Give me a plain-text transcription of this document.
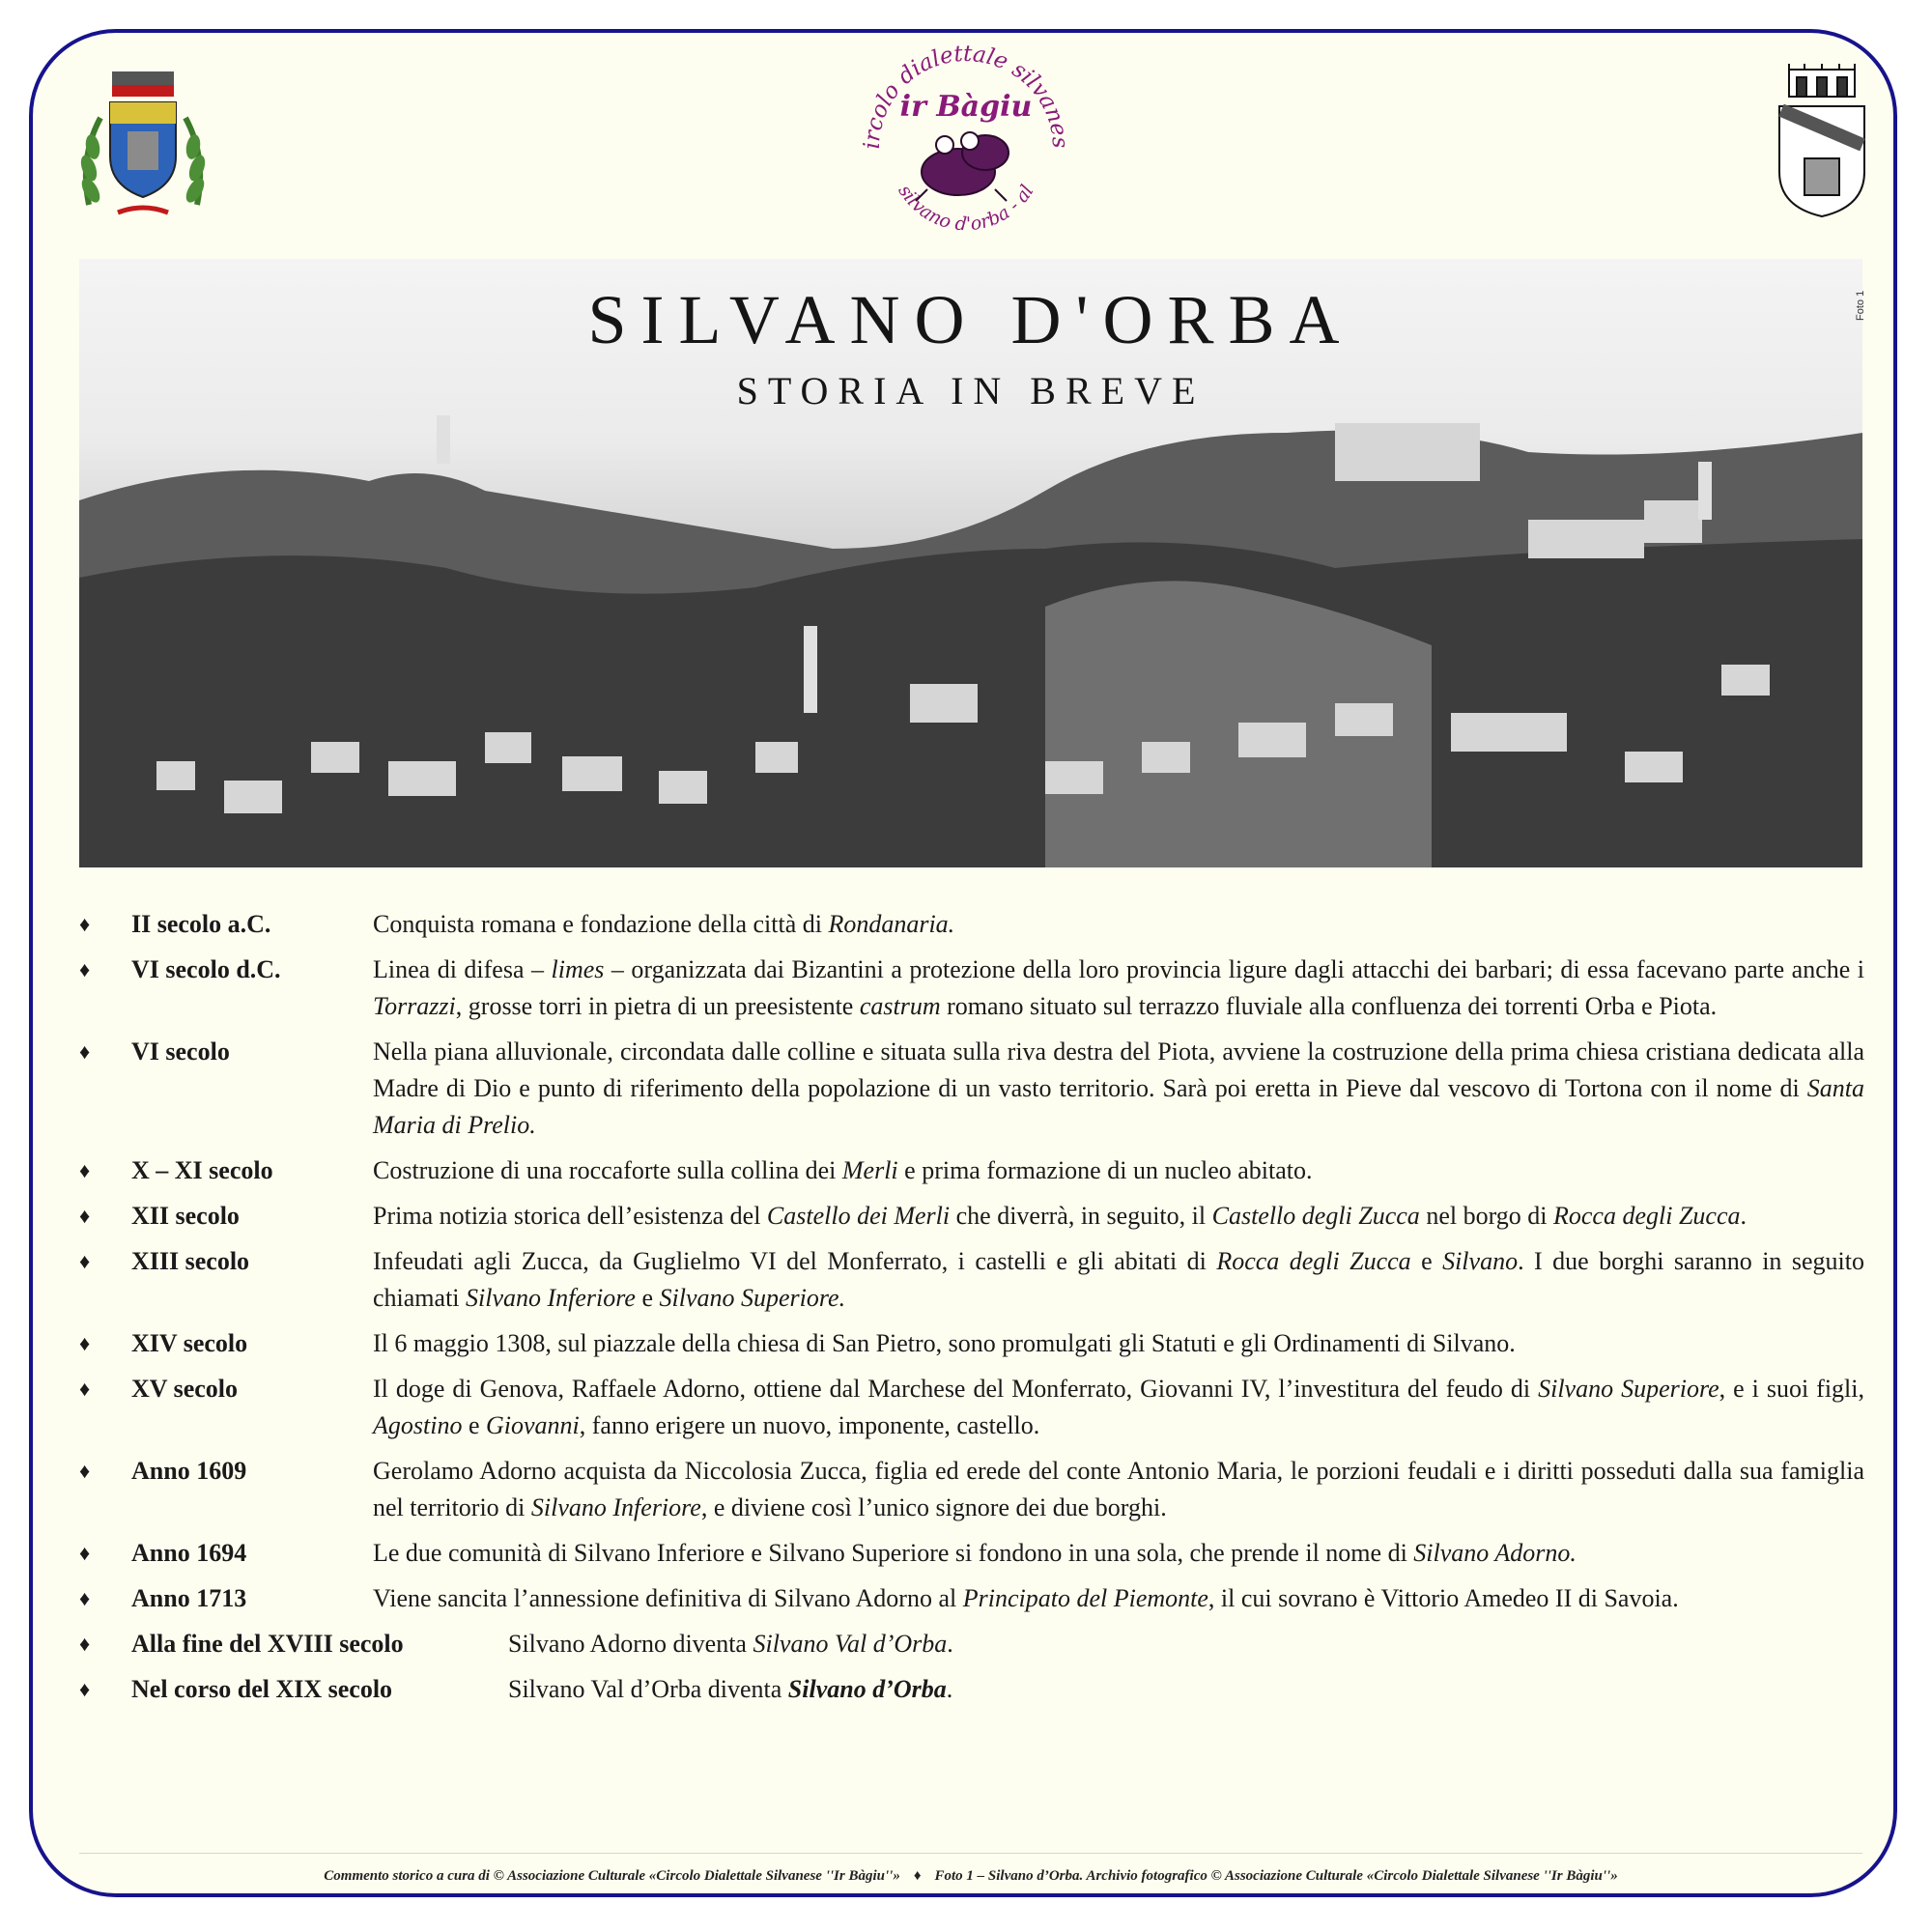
ircolo dialettale silvanes
silvano d'orba - al
ir Bàgiu
SILVANO D'ORBA
STORIA IN BREVE
Foto 1
♦	II secolo a.C.	Conquista romana e fondazione della città di Rondanaria.
♦	VI secolo d.C.	Linea di difesa – limes – organizzata dai Bizantini a protezione della loro provincia ligure dagli attacchi dei barbari; di essa facevano parte anche i Torrazzi, grosse torri in pietra di un preesistente castrum romano situato sul terrazzo fluviale alla confluenza dei torrenti Orba e Piota.
♦	VI secolo	Nella piana alluvionale, circondata dalle colline e situata sulla riva destra del Piota, avviene la costruzione della prima chiesa cristiana dedicata alla Madre di Dio e punto di riferimento della popolazione di un vasto territorio. Sarà poi eretta in Pieve dal vescovo di Tortona con il nome di Santa Maria di Prelio.
♦	X – XI secolo	Costruzione di una roccaforte sulla collina dei Merli e prima formazione di un nucleo abitato.
♦	XII secolo	Prima notizia storica dell’esistenza del Castello dei Merli che diverrà, in seguito, il Castello degli Zucca nel borgo di Rocca degli Zucca.
♦	XIII secolo	Infeudati agli Zucca, da Guglielmo VI del Monferrato, i castelli e gli abitati di Rocca degli Zucca e Silvano. I due borghi saranno in seguito chiamati Silvano Inferiore e Silvano Superiore.
♦	XIV secolo	Il 6 maggio 1308, sul piazzale della chiesa di San Pietro, sono promulgati gli Statuti e gli Ordinamenti di Silvano.
♦	XV secolo	Il doge di Genova, Raffaele Adorno, ottiene dal Marchese del Monferrato, Giovanni IV, l’investitura del feudo di Silvano Superiore, e i suoi figli, Agostino e Giovanni, fanno erigere un nuovo, imponente, castello.
♦	Anno 1609	Gerolamo Adorno acquista da Niccolosia Zucca, figlia ed erede del conte Antonio Maria, le porzioni feudali e i diritti posseduti dalla sua famiglia nel territorio di Silvano Inferiore, e diviene così l’unico signore dei due borghi.
♦	Anno 1694	Le due comunità di Silvano Inferiore e Silvano Superiore si fondono in una sola, che prende il nome di Silvano Adorno.
♦	Anno 1713	Viene sancita l’annessione definitiva di Silvano Adorno al Principato del Piemonte, il cui sovrano è Vittorio Amedeo II di Savoia.
♦	Alla fine del XVIII secolo	Silvano Adorno diventa Silvano Val d’Orba.
♦	Nel corso del XIX secolo	Silvano Val d’Orba diventa Silvano d’Orba.
Commento storico a cura di © Associazione Culturale «Circolo Dialettale Silvanese ''Ir Bàgiu''» ♦ Foto 1 – Silvano d’Orba. Archivio fotografico © Associazione Culturale «Circolo Dialettale Silvanese ''Ir Bàgiu''»
